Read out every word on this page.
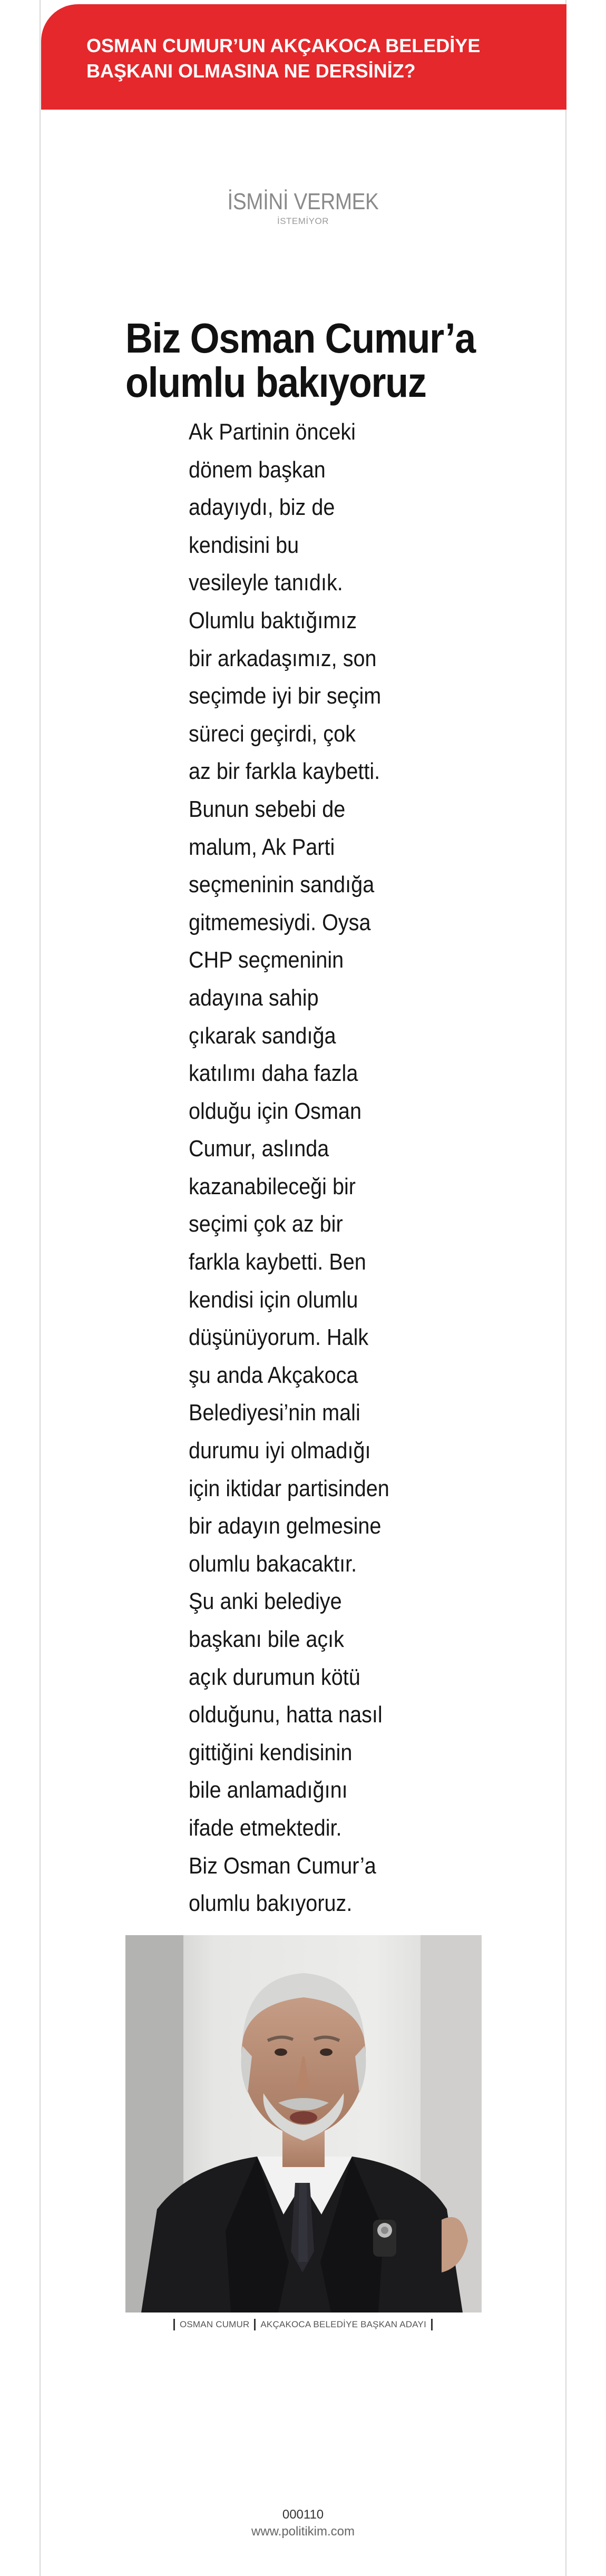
OSMAN CUMUR’UN AKÇAKOCA BELEDİYE BAŞKANI OLMASINA NE DERSİNİZ?
İSMİNİ VERMEK
İSTEMİYOR
Biz Osman Cumur’a
olumlu bakıyoruz
Ak Partinin önceki
dönem başkan
adayıydı, biz de
kendisini bu
vesileyle tanıdık.
Olumlu baktığımız
bir arkadaşımız, son
seçimde iyi bir seçim
süreci geçirdi, çok
az bir farkla kaybetti.
Bunun sebebi de
malum, Ak Parti
seçmeninin sandığa
gitmemesiydi. Oysa
CHP seçmeninin
adayına sahip
çıkarak sandığa
katılımı daha fazla
olduğu için Osman
Cumur, aslında
kazanabileceği bir
seçimi çok az bir
farkla kaybetti. Ben
kendisi için olumlu
düşünüyorum. Halk
şu anda Akçakoca
Belediyesi’nin mali
durumu iyi olmadığı
için iktidar partisinden
bir adayın gelmesine
olumlu bakacaktır.
Şu anki belediye
başkanı bile açık
açık durumun kötü
olduğunu, hatta nasıl
gittiğini kendisinin
bile anlamadığını
ifade etmektedir.
Biz Osman Cumur’a
olumlu bakıyoruz.
OSMAN CUMUR AKÇAKOCA BELEDİYE BAŞKAN ADAYI
000110
www.politikim.com
